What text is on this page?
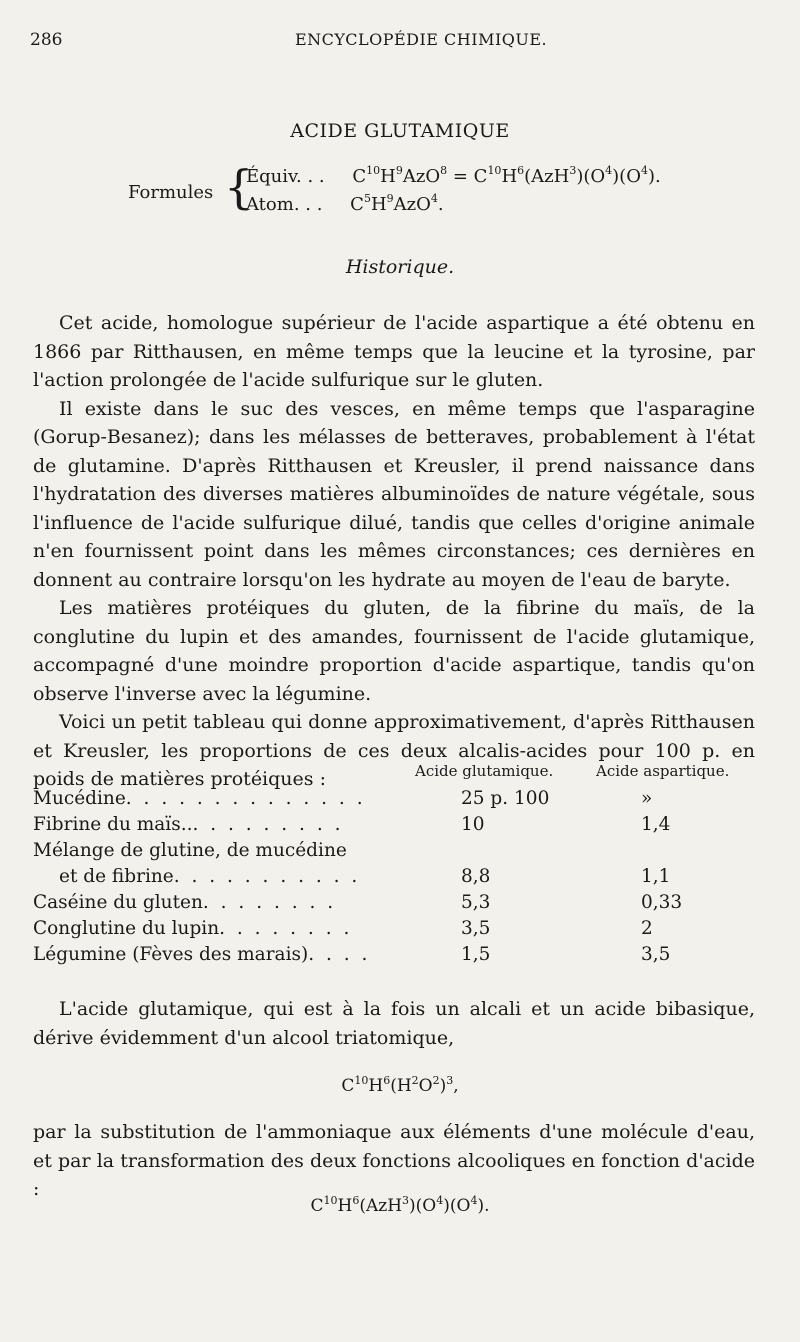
286	ENCYCLOPÉDIE CHIMIQUE.
ACIDE GLUTAMIQUE
Formules {
Équiv. . . $C^{10}H^9AzO^8 = C^{10}H^6(AzH^3)(O^4)(O^4)$.
Atom. . . $C^5H^9AzO^4$.
Historique.

Cet acide, homologue supérieur de l'acide aspartique a été obtenu en 1866 par Ritthausen, en même temps que la leucine et la tyrosine, par l'action prolongée de l'acide sulfurique sur le gluten.

Il existe dans le suc des vesces, en même temps que l'asparagine (Gorup-Besanez); dans les mélasses de betteraves, probablement à l'état de glutamine. D'après Ritthausen et Kreusler, il prend naissance dans l'hydratation des diverses matières albuminoïdes de nature végétale, sous l'influence de l'acide sulfurique dilué, tandis que celles d'origine animale n'en fournissent point dans les mêmes circonstances; ces dernières en donnent au contraire lorsqu'on les hydrate au moyen de l'eau de baryte.

Les matières protéiques du gluten, de la fibrine du maïs, de la conglutine du lupin et des amandes, fournissent de l'acide glutamique, accompagné d'une moindre proportion d'acide aspartique, tandis qu'on observe l'inverse avec la légumine.

Voici un petit tableau qui donne approximativement, d'après Ritthausen et Kreusler, les proportions de ces deux alcalis-acides pour 100 p. en poids de matières protéiques :	Acide glutamique.	Acide aspartique.
Mucédine. . . . . . . . . . . . . .	25 p. 100	»
Fibrine du maïs... . . . . . . . .	10	1,4
Mélange de glutine, de mucédine
et de fibrine. . . . . . . . . . .	8,8	1,1
Caséine du gluten. . . . . . . .	5,3	0,33
Conglutine du lupin. . . . . . . .	3,5	2
Légumine (Fèves des marais). . . .	1,5	3,5

L'acide glutamique, qui est à la fois un alcali et un acide bibasique, dérive évidemment d'un alcool triatomique,

$C^{10}H^6(H^2O^2)^3$,

par la substitution de l'ammoniaque aux éléments d'une molécule d'eau, et par la transformation des deux fonctions alcooliques en fonction d'acide :

$C^{10}H^6(AzH^3)(O^4)(O^4)$.
